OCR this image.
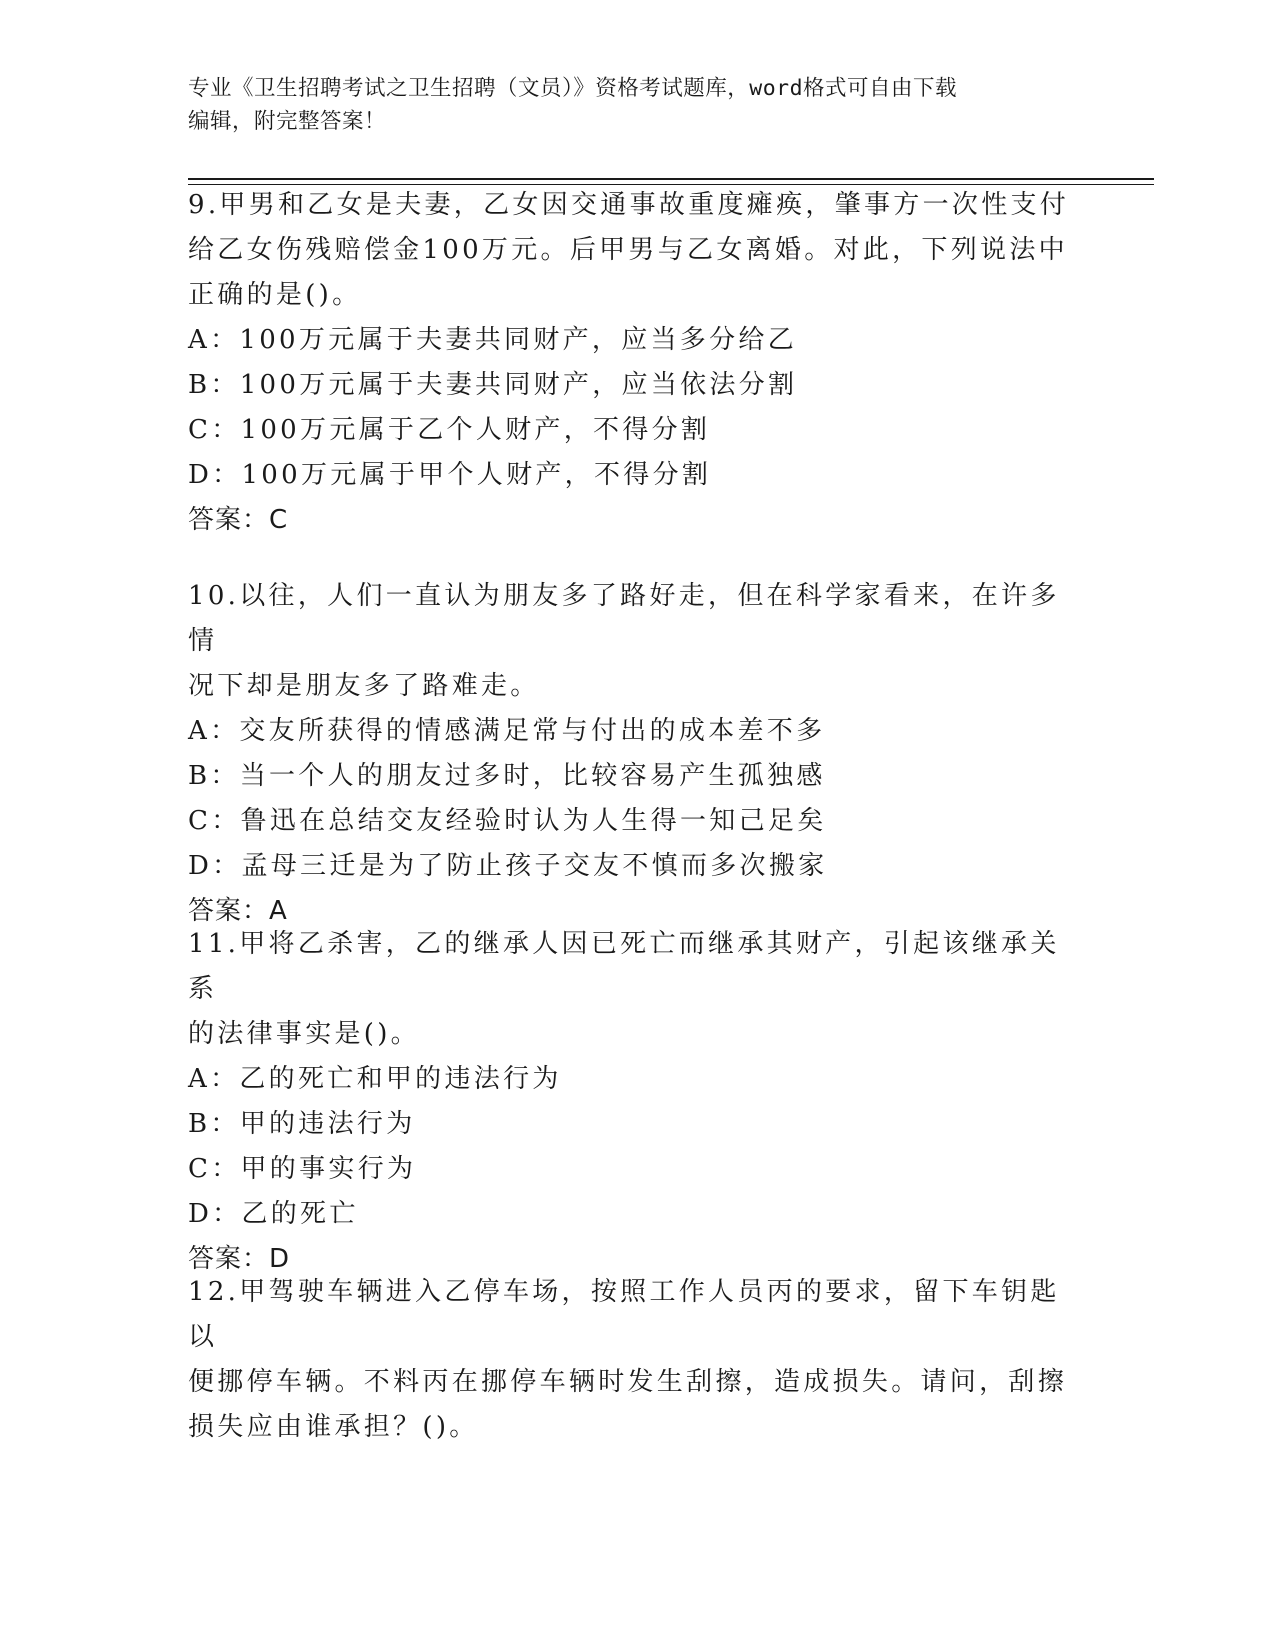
专业《卫生招聘考试之卫生招聘（文员）》资格考试题库，word格式可自由下载
编辑，附完整答案！

9.甲男和乙女是夫妻，乙女因交通事故重度瘫痪，肇事方一次性支付

给乙女伤残赔偿金100万元。后甲男与乙女离婚。对此，下列说法中

正确的是()。

A：100万元属于夫妻共同财产，应当多分给乙

B：100万元属于夫妻共同财产，应当依法分割

C：100万元属于乙个人财产，不得分割

D：100万元属于甲个人财产，不得分割

答案：C

10.以往，人们一直认为朋友多了路好走，但在科学家看来，在许多情

况下却是朋友多了路难走。

A：交友所获得的情感满足常与付出的成本差不多

B：当一个人的朋友过多时，比较容易产生孤独感

C：鲁迅在总结交友经验时认为人生得一知己足矣

D：孟母三迁是为了防止孩子交友不慎而多次搬家

答案：A

11.甲将乙杀害，乙的继承人因已死亡而继承其财产，引起该继承关系

的法律事实是()。

A：乙的死亡和甲的违法行为

B：甲的违法行为

C：甲的事实行为

D：乙的死亡

答案：D

12.甲驾驶车辆进入乙停车场，按照工作人员丙的要求，留下车钥匙以

便挪停车辆。不料丙在挪停车辆时发生刮擦，造成损失。请问，刮擦

损失应由谁承担？()。
